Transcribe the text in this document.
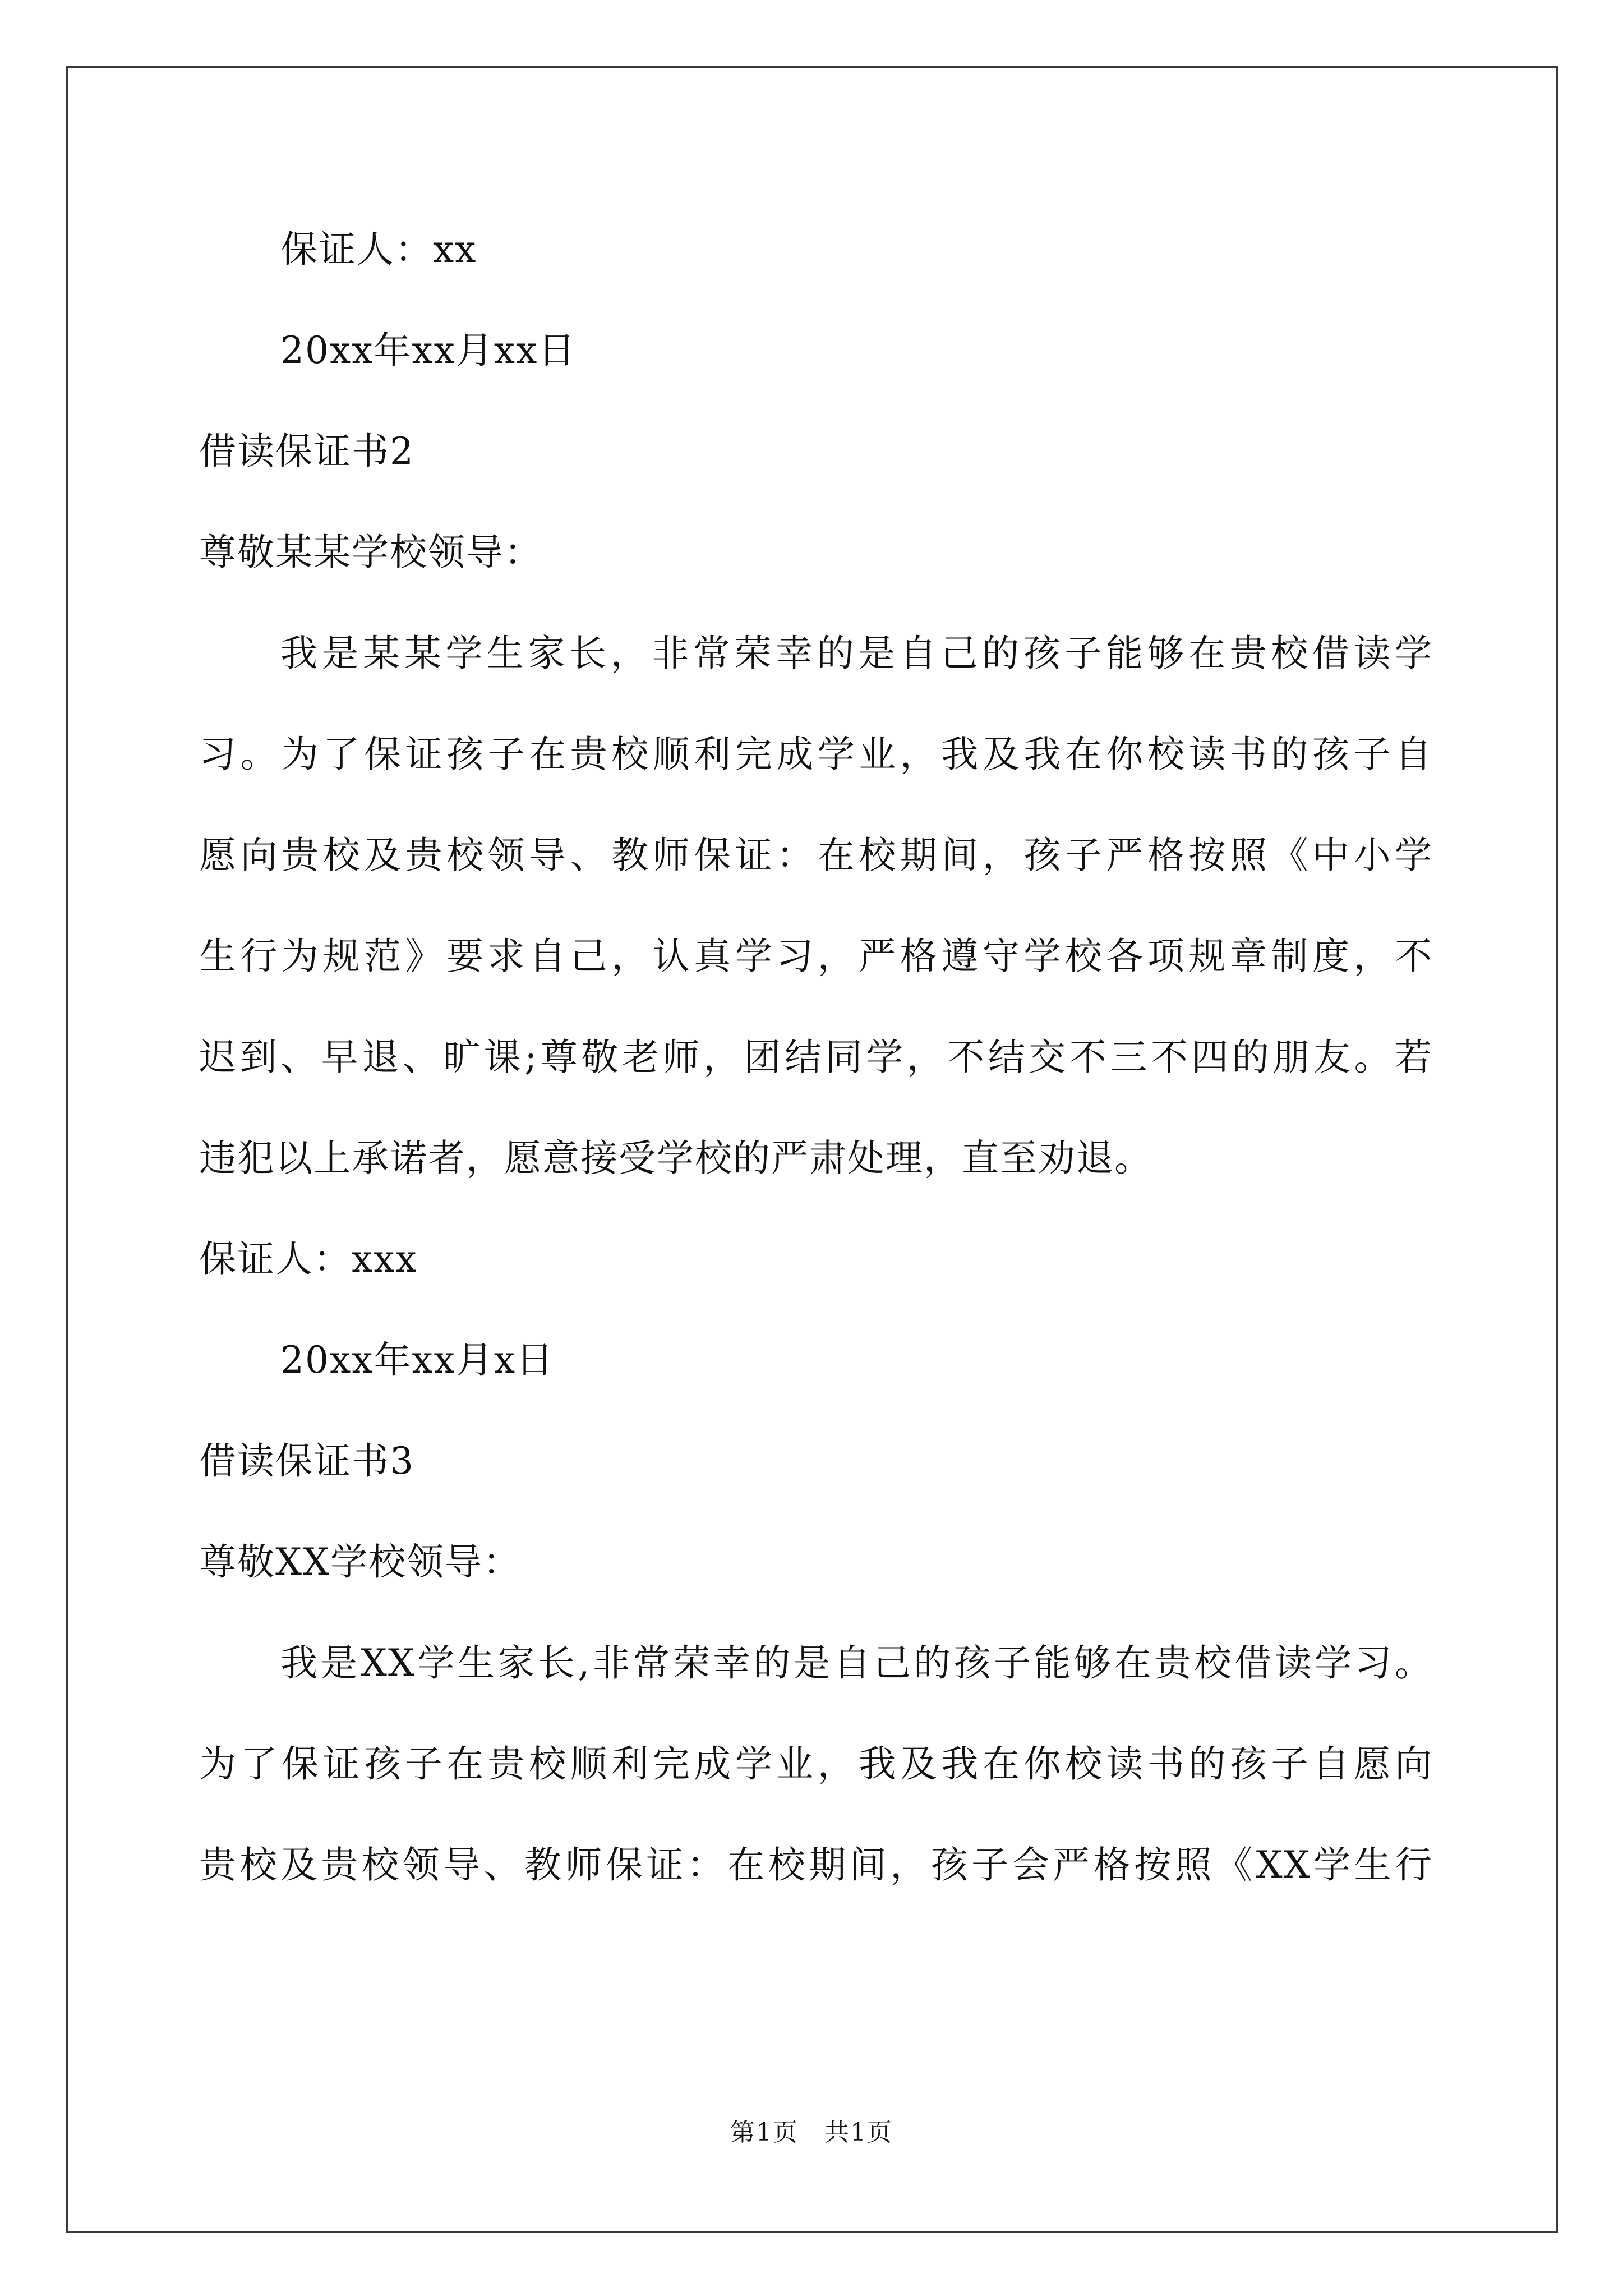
保证人：xx
20xx年xx月xx日
借读保证书2
尊敬某某学校领导：
我是某某学生家长，非常荣幸的是自己的孩子能够在贵校借读学
习。为了保证孩子在贵校顺利完成学业，我及我在你校读书的孩子自
愿向贵校及贵校领导、教师保证：在校期间，孩子严格按照《中小学
生行为规范》要求自己，认真学习，严格遵守学校各项规章制度，不
迟到、早退、旷课;尊敬老师，团结同学，不结交不三不四的朋友。若
违犯以上承诺者，愿意接受学校的严肃处理，直至劝退。
保证人：xxx
20xx年xx月x日
借读保证书3
尊敬XX学校领导：
我是XX学生家长,非常荣幸的是自己的孩子能够在贵校借读学习。
为了保证孩子在贵校顺利完成学业，我及我在你校读书的孩子自愿向
贵校及贵校领导、教师保证：在校期间，孩子会严格按照《XX学生行
第1页　共1页
